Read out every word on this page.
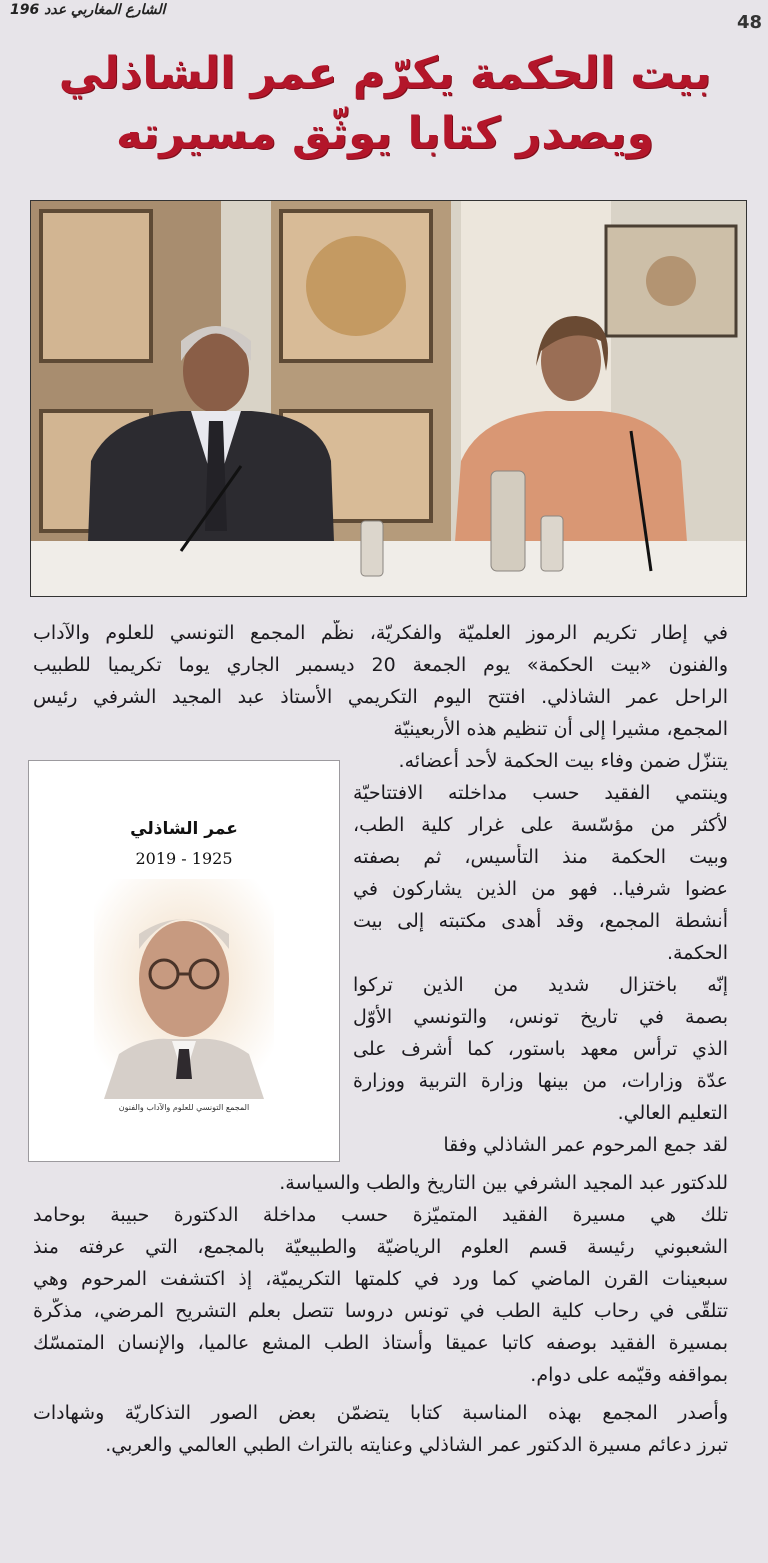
الشارع المغاربي عدد 196
48
بيت الحكمة يكرّم عمر الشاذلي
ويصدر كتابا يوثّق مسيرته
عمر الشاذلي
2019 - 1925
المجمع التونسي للعلوم والآداب والفنون
في إطار تكريم الرموز العلميّة والفكريّة، نظّم المجمع التونسي للعلوم والآداب
والفنون «بيت الحكمة» يوم الجمعة 20 ديسمبر الجاري يوما تكريميا للطبيب
الراحل عمر الشاذلي. افتتح اليوم التكريمي الأستاذ عبد المجيد الشرفي رئيس
المجمع، مشيرا إلى أن تنظيم هذه الأربعينيّة
يتنزّل ضمن وفاء بيت الحكمة لأحد أعضائه.
وينتمي الفقيد حسب مداخلته الافتتاحيّة
لأكثر من مؤسّسة على غرار كلية الطب،
وبيت الحكمة منذ التأسيس، ثم بصفته
عضوا شرفيا.. فهو من الذين يشاركون في
أنشطة المجمع، وقد أهدى مكتبته إلى بيت
الحكمة.
إنّه باختزال شديد من الذين تركوا
بصمة في تاريخ تونس، والتونسي الأوّل
الذي ترأس معهد باستور، كما أشرف على
عدّة وزارات، من بينها وزارة التربية ووزارة
التعليم العالي.
لقد جمع المرحوم عمر الشاذلي وفقا
للدكتور عبد المجيد الشرفي بين التاريخ والطب والسياسة.
تلك هي مسيرة الفقيد المتميّزة حسب مداخلة الدكتورة حبيبة بوحامد
الشعبوني رئيسة قسم العلوم الرياضيّة والطبيعيّة بالمجمع، التي عرفته منذ
سبعينات القرن الماضي كما ورد في كلمتها التكريميّة، إذ اكتشفت المرحوم وهي
تتلقّى في رحاب كلية الطب في تونس دروسا تتصل بعلم التشريح المرضي، مذكّرة
بمسيرة الفقيد بوصفه كاتبا عميقا وأستاذ الطب المشع عالميا، والإنسان المتمسّك
بمواقفه وقيّمه على دوام.
وأصدر المجمع بهذه المناسبة كتابا يتضمّن بعض الصور التذكاريّة وشهادات
تبرز دعائم مسيرة الدكتور عمر الشاذلي وعنايته بالتراث الطبي العالمي والعربي.
